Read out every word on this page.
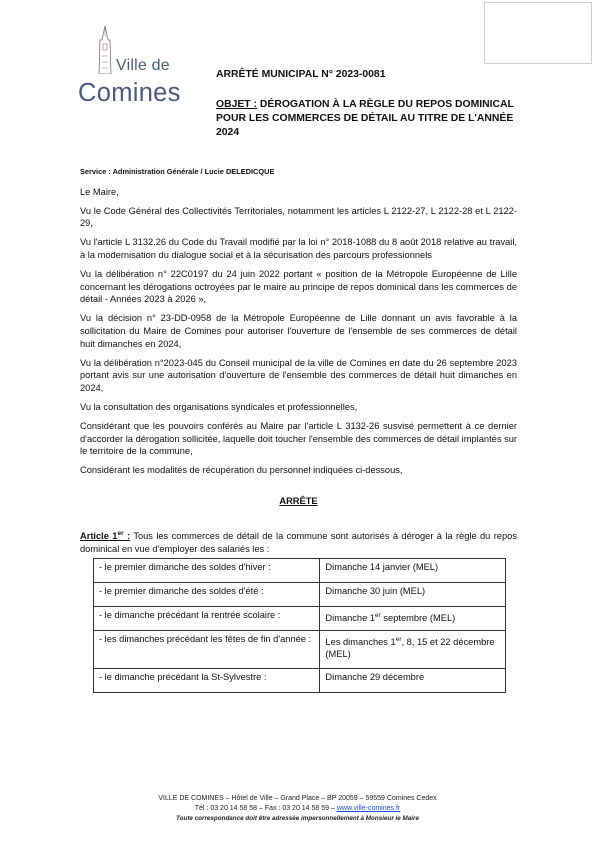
Ville de
Comines

ARRÊTÉ MUNICIPAL N° 2023-0081

OBJET : DÉROGATION À LA RÈGLE DU REPOS DOMINICAL POUR LES COMMERCES DE DÉTAIL AU TITRE DE L'ANNÉE 2024

Service : Administration Générale / Lucie DELEDICQUE

Le Maire,

Vu le Code Général des Collectivités Territoriales, notamment les articles L 2122-27, L 2122-28 et L 2122-29,

Vu l'article L 3132.26 du Code du Travail modifié par la loi n° 2018-1088 du 8 août 2018 relative au travail, à la modernisation du dialogue social et à la sécurisation des parcours professionnels

Vu la délibération n° 22C0197 du 24 juin 2022 portant « position de la Métropole Européenne de Lille concernant les dérogations octroyées par le maire au principe de repos dominical dans les commerces de détail - Années 2023 à 2026 »,

Vu la décision n° 23-DD-0958 de la Métropole Européenne de Lille donnant un avis favorable à la sollicitation du Maire de Comines pour autoriser l'ouverture de l'ensemble de ses commerces de détail huit dimanches en 2024,

Vu la délibération n°2023-045 du Conseil municipal de la ville de Comines en date du 26 septembre 2023 portant avis sur une autorisation d'ouverture de l'ensemble des commerces de détail huit dimanches en 2024,

Vu la consultation des organisations syndicales et professionnelles,

Considérant que les pouvoirs conférés au Maire par l'article L 3132-26 susvisé permettent à ce dernier d'accorder la dérogation sollicitée, laquelle doit toucher l'ensemble des commerces de détail implantés sur le territoire de la commune,

Considérant les modalités de récupération du personnel indiquées ci-dessous,

ARRÊTE

Article 1er : Tous les commerces de détail de la commune sont autorisés à déroger à la règle du repos dominical en vue d'employer des salariés les :

- le premier dimanche des soldes d'hiver :	Dimanche 14 janvier (MEL)
- le premier dimanche des soldes d'été :	Dimanche 30 juin (MEL)
- le dimanche précédant la rentrée scolaire :	Dimanche 1er septembre (MEL)
- les dimanches précédant les fêtes de fin d'année :	Les dimanches 1er, 8, 15 et 22 décembre (MEL)
- le dimanche précédant la St-Sylvestre :	Dimanche 29 décembre
VILLE DE COMINES – Hôtel de Ville – Grand Place – BP 20059 – 59559 Comines Cedex
Tél : 03 20 14 58 58 – Fax : 03 20 14 58 59 – www.ville-comines.fr
Toute correspondance doit être adressée impersonnellement à Monsieur le Maire
